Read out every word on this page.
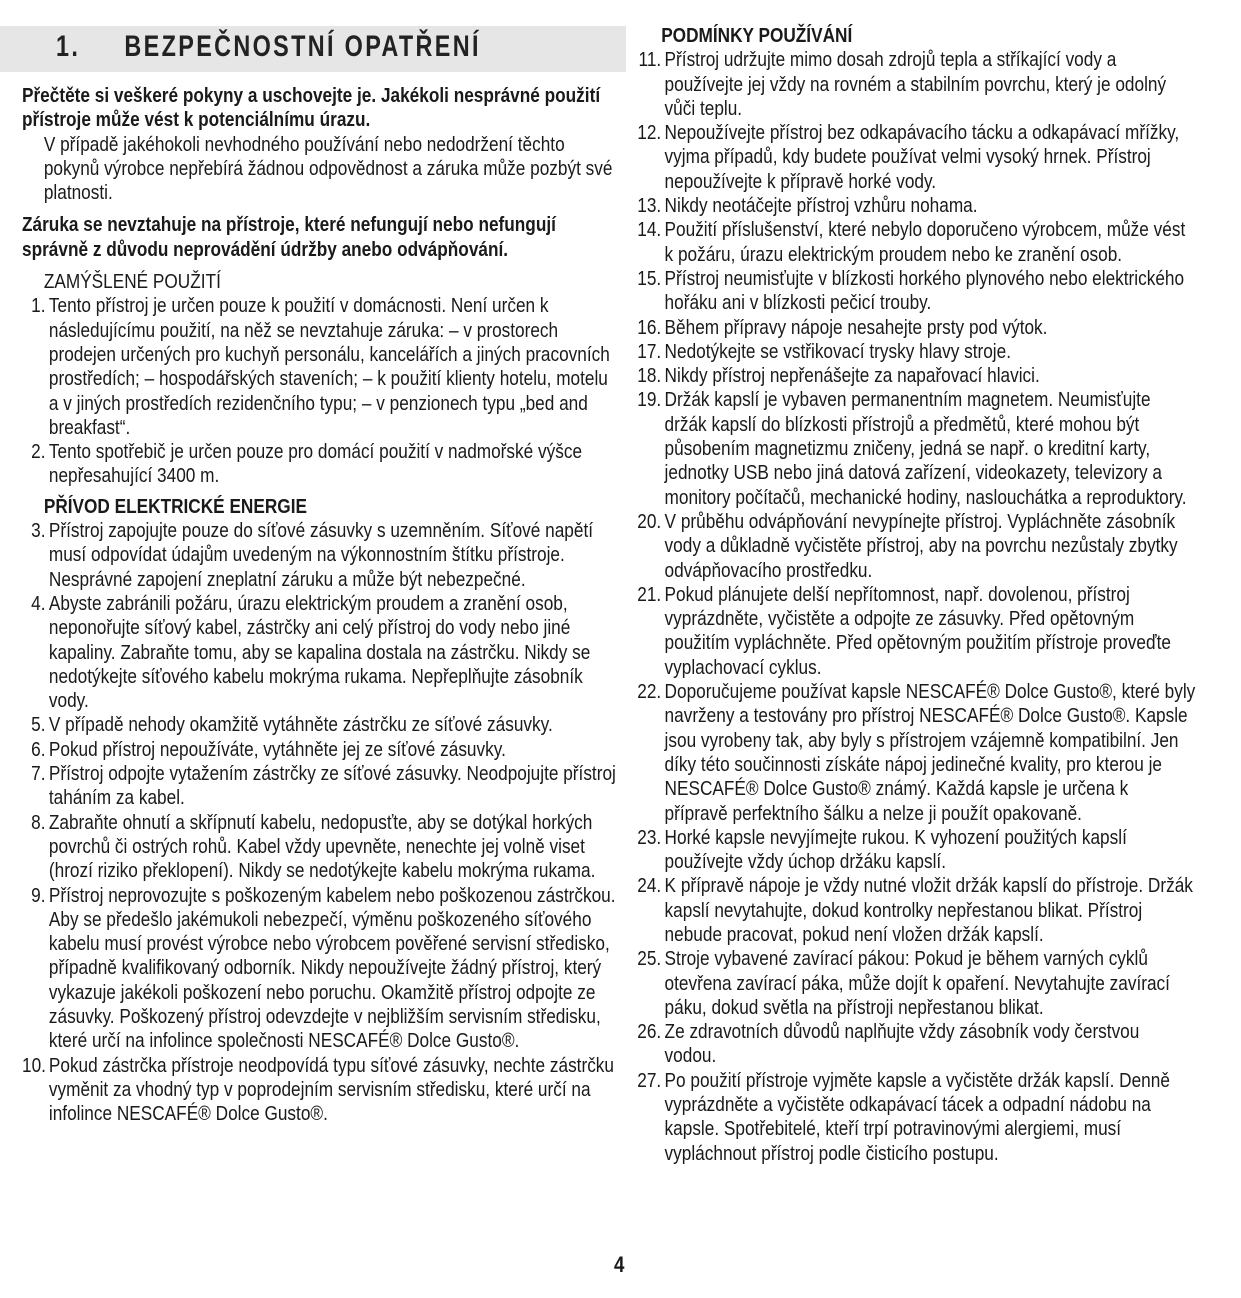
1. BEZPEČNOSTNÍ OPATŘENÍ

Přečtěte si veškeré pokyny a uschovejte je. Jakékoli nesprávné použití přístroje může vést k potenciálnímu úrazu.

V případě jakéhokoli nevhodného používání nebo nedodržení těchto pokynů výrobce nepřebírá žádnou odpovědnost a záruka může pozbýt své platnosti.

Záruka se nevztahuje na přístroje, které nefungují nebo nefungují správně z důvodu neprovádění údržby anebo odvápňování.

ZAMÝŠLENÉ POUŽITÍ

1. Tento přístroj je určen pouze k použití v domácnosti. Není určen k následujícímu použití, na něž se nevztahuje záruka: – v prostorech prodejen určených pro kuchyň personálu, kancelářích a jiných pracovních prostředích; – hospodářských staveních; – k použití klienty hotelu, motelu a v jiných prostředích rezidenčního typu; – v penzionech typu „bed and breakfast“.
2. Tento spotřebič je určen pouze pro domácí použití v nadmořské výšce nepřesahující 3400 m.

PŘÍVOD ELEKTRICKÉ ENERGIE

3. Přístroj zapojujte pouze do síťové zásuvky s uzemněním. Síťové napětí musí odpovídat údajům uvedeným na výkonnostním štítku přístroje. Nesprávné zapojení zneplatní záruku a může být nebezpečné.
4. Abyste zabránili požáru, úrazu elektrickým proudem a zranění osob, neponořujte síťový kabel, zástrčky ani celý přístroj do vody nebo jiné kapaliny. Zabraňte tomu, aby se kapalina dostala na zástrčku. Nikdy se nedotýkejte síťového kabelu mokrýma rukama. Nepřeplňujte zásobník vody.
5. V případě nehody okamžitě vytáhněte zástrčku ze síťové zásuvky.
6. Pokud přístroj nepoužíváte, vytáhněte jej ze síťové zásuvky.
7. Přístroj odpojte vytažením zástrčky ze síťové zásuvky. Neodpojujte přístroj taháním za kabel.
8. Zabraňte ohnutí a skřípnutí kabelu, nedopusťte, aby se dotýkal horkých povrchů či ostrých rohů. Kabel vždy upevněte, nenechte jej volně viset (hrozí riziko překlopení). Nikdy se nedotýkejte kabelu mokrýma rukama.
9. Přístroj neprovozujte s poškozeným kabelem nebo poškozenou zástrčkou. Aby se předešlo jakémukoli nebezpečí, výměnu poškozeného síťového kabelu musí provést výrobce nebo výrobcem pověřené servisní středisko, případně kvalifikovaný odborník. Nikdy nepoužívejte žádný přístroj, který vykazuje jakékoli poškození nebo poruchu. Okamžitě přístroj odpojte ze zásuvky. Poškozený přístroj odevzdejte v nejbližším servisním středisku, které určí na infolince společnosti NESCAFÉ® Dolce Gusto®.
10. Pokud zástrčka přístroje neodpovídá typu síťové zásuvky, nechte zástrčku vyměnit za vhodný typ v poprodejním servisním středisku, které určí na infolince NESCAFÉ® Dolce Gusto®.

PODMÍNKY POUŽÍVÁNÍ

11. Přístroj udržujte mimo dosah zdrojů tepla a stříkající vody a používejte jej vždy na rovném a stabilním povrchu, který je odolný vůči teplu.
12. Nepoužívejte přístroj bez odkapávacího tácku a odkapávací mřížky, vyjma případů, kdy budete používat velmi vysoký hrnek. Přístroj nepoužívejte k přípravě horké vody.
13. Nikdy neotáčejte přístroj vzhůru nohama.
14. Použití příslušenství, které nebylo doporučeno výrobcem, může vést k požáru, úrazu elektrickým proudem nebo ke zranění osob.
15. Přístroj neumisťujte v blízkosti horkého plynového nebo elektrického hořáku ani v blízkosti pečicí trouby.
16. Během přípravy nápoje nesahejte prsty pod výtok.
17. Nedotýkejte se vstřikovací trysky hlavy stroje.
18. Nikdy přístroj nepřenášejte za napařovací hlavici.
19. Držák kapslí je vybaven permanentním magnetem. Neumisťujte držák kapslí do blízkosti přístrojů a předmětů, které mohou být působením magnetizmu zničeny, jedná se např. o kreditní karty, jednotky USB nebo jiná datová zařízení, videokazety, televizory a monitory počítačů, mechanické hodiny, naslouchátka a reproduktory.
20. V průběhu odvápňování nevypínejte přístroj. Vypláchněte zásobník vody a důkladně vyčistěte přístroj, aby na povrchu nezůstaly zbytky odvápňovacího prostředku.
21. Pokud plánujete delší nepřítomnost, např. dovolenou, přístroj vyprázdněte, vyčistěte a odpojte ze zásuvky. Před opětovným použitím vypláchněte. Před opětovným použitím přístroje proveďte vyplachovací cyklus.
22. Doporučujeme používat kapsle NESCAFÉ® Dolce Gusto®, které byly navrženy a testovány pro přístroj NESCAFÉ® Dolce Gusto®. Kapsle jsou vyrobeny tak, aby byly s přístrojem vzájemně kompatibilní. Jen díky této součinnosti získáte nápoj jedinečné kvality, pro kterou je NESCAFÉ® Dolce Gusto® známý. Každá kapsle je určena k přípravě perfektního šálku a nelze ji použít opakovaně.
23. Horké kapsle nevyjímejte rukou. K vyhození použitých kapslí používejte vždy úchop držáku kapslí.
24. K přípravě nápoje je vždy nutné vložit držák kapslí do přístroje. Držák kapslí nevytahujte, dokud kontrolky nepřestanou blikat. Přístroj nebude pracovat, pokud není vložen držák kapslí.
25. Stroje vybavené zavírací pákou: Pokud je během varných cyklů otevřena zavírací páka, může dojít k opaření. Nevytahujte zavírací páku, dokud světla na přístroji nepřestanou blikat.
26. Ze zdravotních důvodů naplňujte vždy zásobník vody čerstvou vodou.
27. Po použití přístroje vyjměte kapsle a vyčistěte držák kapslí. Denně vyprázdněte a vyčistěte odkapávací tácek a odpadní nádobu na kapsle. Spotřebitelé, kteří trpí potravinovými alergiemi, musí vypláchnout přístroj podle čisticího postupu.
4
